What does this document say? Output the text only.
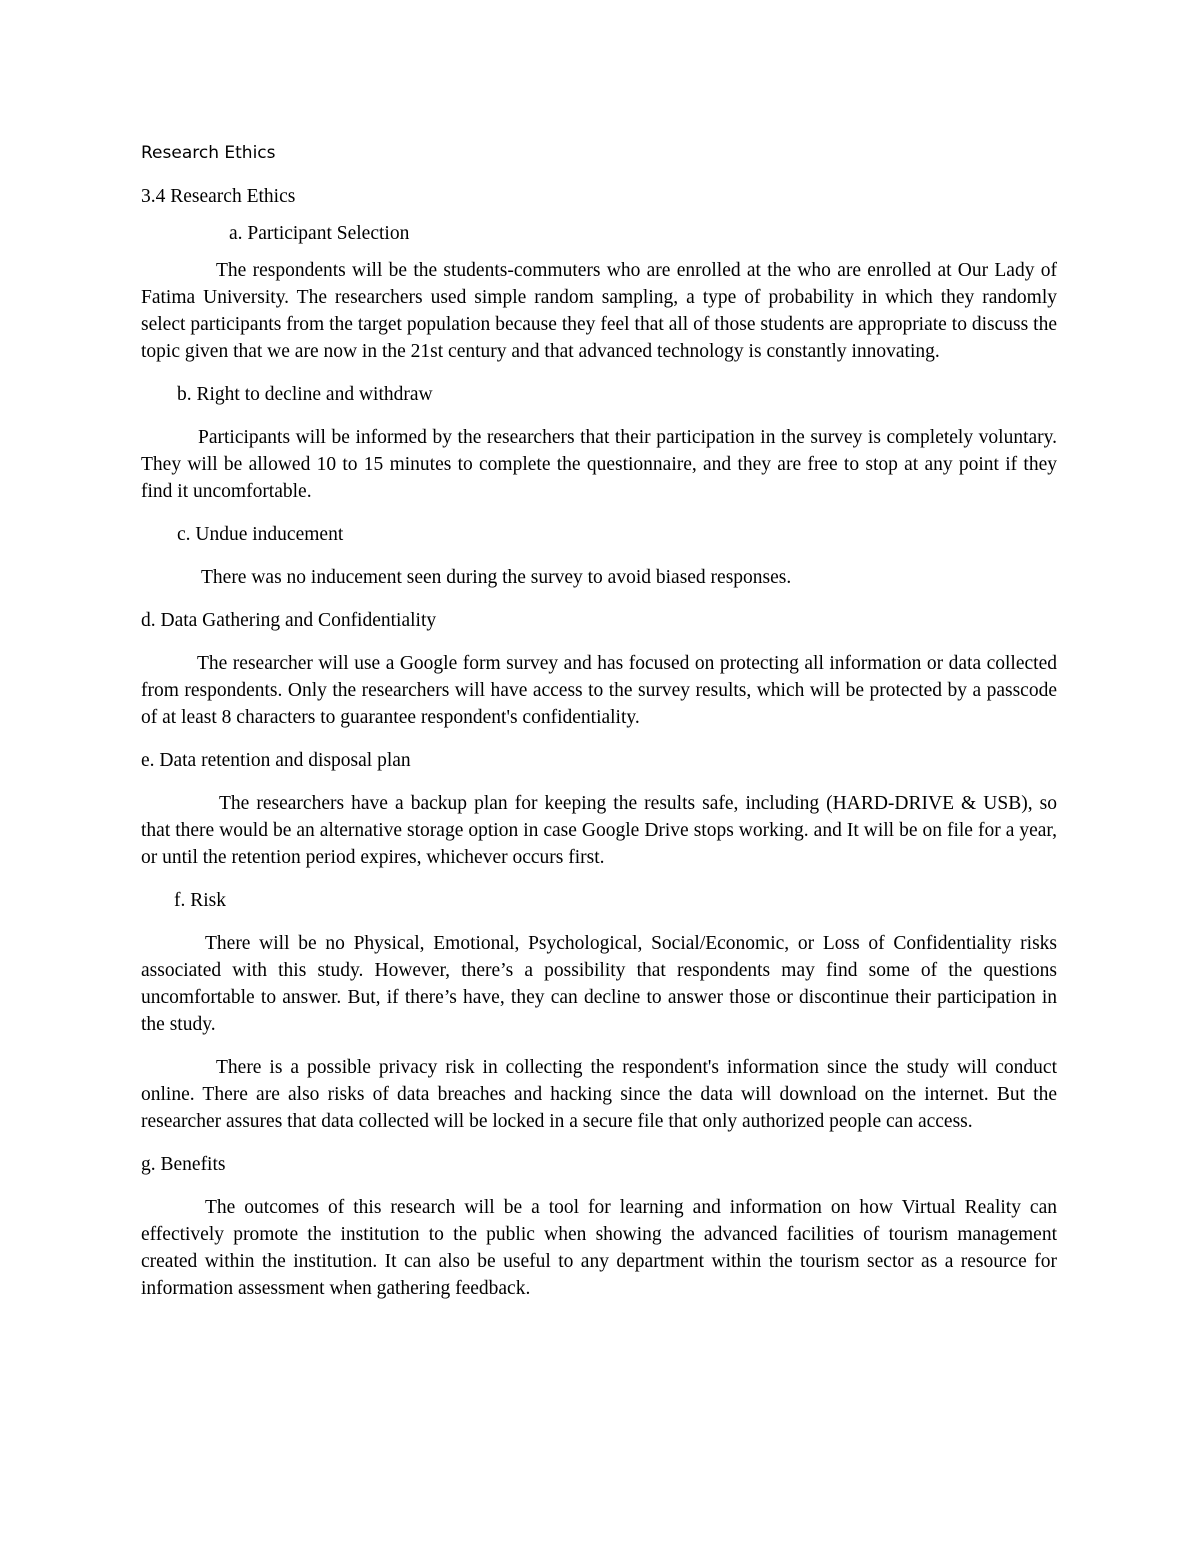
Research Ethics
3.4 Research Ethics
a. Participant Selection

The respondents will be the students-commuters who are enrolled at the who are enrolled at Our Lady of Fatima University. The researchers used simple random sampling, a type of probability in which they randomly select participants from the target population because they feel that all of those students are appropriate to discuss the topic given that we are now in the 21st century and that advanced technology is constantly innovating.

b. Right to decline and withdraw

Participants will be informed by the researchers that their participation in the survey is completely voluntary. They will be allowed 10 to 15 minutes to complete the questionnaire, and they are free to stop at any point if they find it uncomfortable.

c. Undue inducement

There was no inducement seen during the survey to avoid biased responses.

d. Data Gathering and Confidentiality

The researcher will use a Google form survey and has focused on protecting all information or data collected from respondents. Only the researchers will have access to the survey results, which will be protected by a passcode of at least 8 characters to guarantee respondent's confidentiality.

e. Data retention and disposal plan

The researchers have a backup plan for keeping the results safe, including (HARD-DRIVE & USB), so that there would be an alternative storage option in case Google Drive stops working. and It will be on file for a year, or until the retention period expires, whichever occurs first.

f. Risk

There will be no Physical, Emotional, Psychological, Social/Economic, or Loss of Confidentiality risks associated with this study. However, there’s a possibility that respondents may find some of the questions uncomfortable to answer. But, if there’s have, they can decline to answer those or discontinue their participation in the study.

There is a possible privacy risk in collecting the respondent's information since the study will conduct online. There are also risks of data breaches and hacking since the data will download on the internet. But the researcher assures that data collected will be locked in a secure file that only authorized people can access.

g. Benefits

The outcomes of this research will be a tool for learning and information on how Virtual Reality can effectively promote the institution to the public when showing the advanced facilities of tourism management created within the institution. It can also be useful to any department within the tourism sector as a resource for information assessment when gathering feedback.
